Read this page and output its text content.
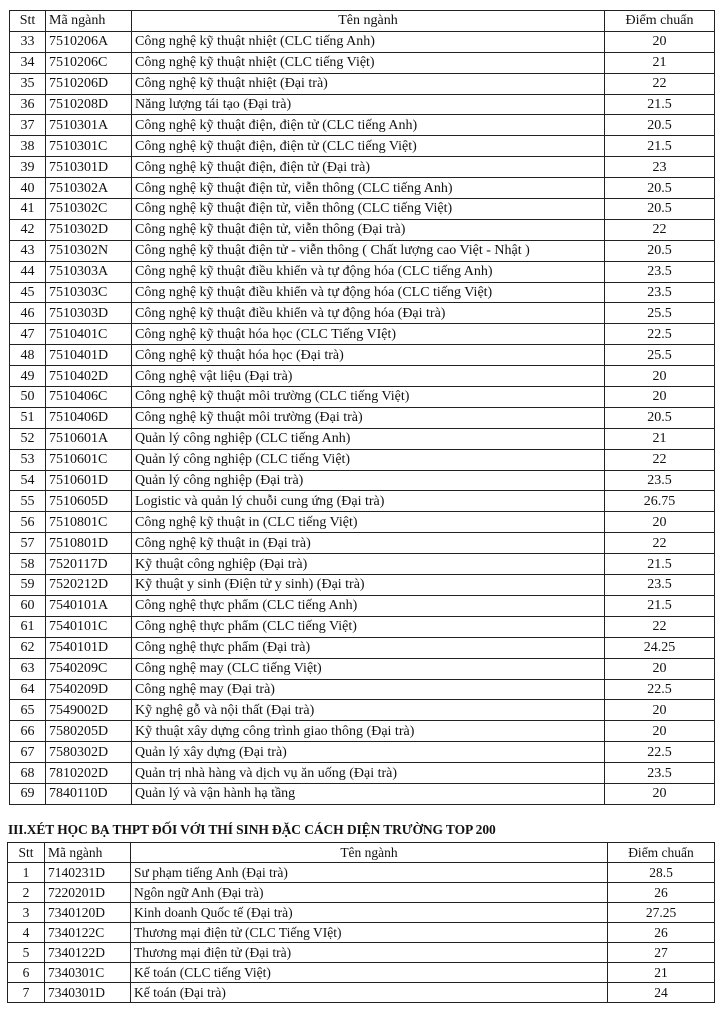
Stt	Mã ngành	Tên ngành	Điểm chuẩn
33	7510206A	Công nghệ kỹ thuật nhiệt (CLC tiếng Anh)	20
34	7510206C	Công nghệ kỹ thuật nhiệt (CLC tiếng Việt)	21
35	7510206D	Công nghệ kỹ thuật nhiệt (Đại trà)	22
36	7510208D	Năng lượng tái tạo (Đại trà)	21.5
37	7510301A	Công nghệ kỹ thuật điện, điện tử (CLC tiếng Anh)	20.5
38	7510301C	Công nghệ kỹ thuật điện, điện tử (CLC tiếng Việt)	21.5
39	7510301D	Công nghệ kỹ thuật điện, điện tử (Đại trà)	23
40	7510302A	Công nghệ kỹ thuật điện tử, viễn thông (CLC tiếng Anh)	20.5
41	7510302C	Công nghệ kỹ thuật điện tử, viễn thông (CLC tiếng Việt)	20.5
42	7510302D	Công nghệ kỹ thuật điện tử, viễn thông (Đại trà)	22
43	7510302N	Công nghệ kỹ thuật điện tử - viễn thông ( Chất lượng cao Việt - Nhật )	20.5
44	7510303A	Công nghệ kỹ thuật điều khiển và tự động hóa (CLC tiếng Anh)	23.5
45	7510303C	Công nghệ kỹ thuật điều khiển và tự động hóa (CLC tiếng Việt)	23.5
46	7510303D	Công nghệ kỹ thuật điều khiển và tự động hóa (Đại trà)	25.5
47	7510401C	Công nghệ kỹ thuật hóa học (CLC Tiếng VIệt)	22.5
48	7510401D	Công nghệ kỹ thuật hóa học (Đại trà)	25.5
49	7510402D	Công nghệ vật liệu (Đại trà)	20
50	7510406C	Công nghệ kỹ thuật môi trường (CLC tiếng Việt)	20
51	7510406D	Công nghệ kỹ thuật môi trường (Đại trà)	20.5
52	7510601A	Quản lý công nghiệp (CLC tiếng Anh)	21
53	7510601C	Quản lý công nghiệp (CLC tiếng Việt)	22
54	7510601D	Quản lý công nghiệp (Đại trà)	23.5
55	7510605D	Logistic và quản lý chuỗi cung ứng (Đại trà)	26.75
56	7510801C	Công nghệ kỹ thuật in (CLC tiếng Việt)	20
57	7510801D	Công nghệ kỹ thuật in (Đại trà)	22
58	7520117D	Kỹ thuật công nghiệp (Đại trà)	21.5
59	7520212D	Kỹ thuật y sinh (Điện tử y sinh) (Đại trà)	23.5
60	7540101A	Công nghệ thực phẩm (CLC tiếng Anh)	21.5
61	7540101C	Công nghệ thực phẩm (CLC tiếng Việt)	22
62	7540101D	Công nghệ thực phẩm (Đại trà)	24.25
63	7540209C	Công nghệ may (CLC tiếng Việt)	20
64	7540209D	Công nghệ may (Đại trà)	22.5
65	7549002D	Kỹ nghệ gỗ và nội thất (Đại trà)	20
66	7580205D	Kỹ thuật xây dựng công trình giao thông (Đại trà)	20
67	7580302D	Quản lý xây dựng (Đại trà)	22.5
68	7810202D	Quản trị nhà hàng và dịch vụ ăn uống (Đại trà)	23.5
69	7840110D	Quản lý và vận hành hạ tầng	20
III.XÉT HỌC BẠ THPT ĐỐI VỚI THÍ SINH ĐẶC CÁCH DIỆN TRƯỜNG TOP 200
Stt	Mã ngành	Tên ngành	Điểm chuẩn
1	7140231D	Sư phạm tiếng Anh (Đại trà)	28.5
2	7220201D	Ngôn ngữ Anh (Đại trà)	26
3	7340120D	Kinh doanh Quốc tế (Đại trà)	27.25
4	7340122C	Thương mại điện tử (CLC Tiếng VIệt)	26
5	7340122D	Thương mại điện tử (Đại trà)	27
6	7340301C	Kế toán (CLC tiếng Việt)	21
7	7340301D	Kế toán (Đại trà)	24
